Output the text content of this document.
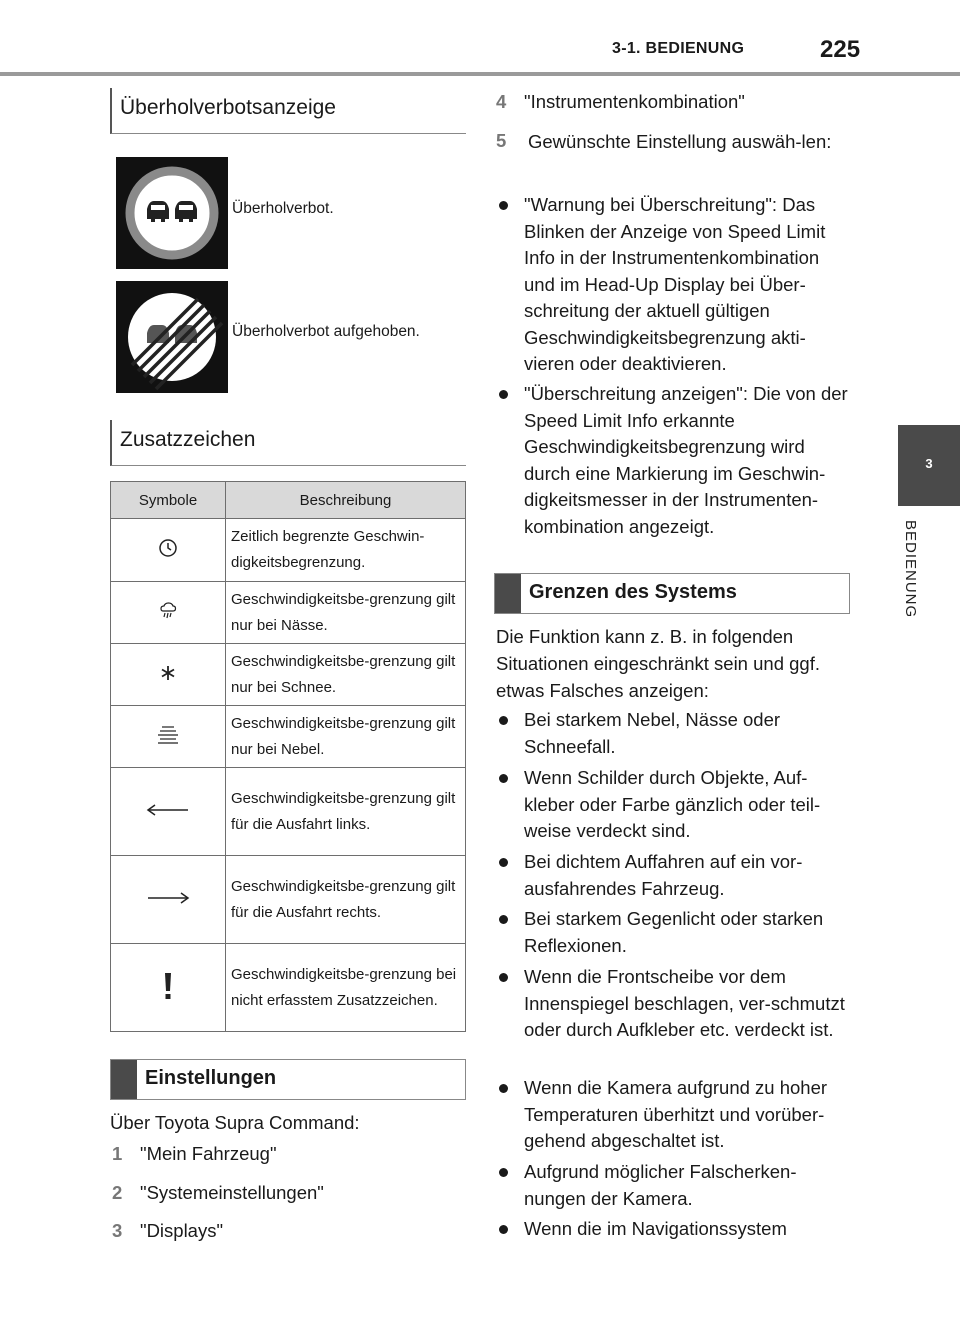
3-1. BEDIENUNG	225
3
BEDIENUNG
Überholverbotsanzeige
Überholverbot.
Überholverbot aufgehoben.
Zusatzzeichen
Symbole	Beschreibung
	Zeitlich begrenzte Geschwin-digkeitsbegrenzung.
	Geschwindigkeitsbe-grenzung gilt nur bei Nässe.
	Geschwindigkeitsbe-grenzung gilt nur bei Schnee.
	Geschwindigkeitsbe-grenzung gilt nur bei Nebel.
	Geschwindigkeitsbe-grenzung gilt für die Ausfahrt links.
	Geschwindigkeitsbe-grenzung gilt für die Ausfahrt rechts.
	Geschwindigkeitsbe-grenzung bei nicht erfasstem Zusatzzeichen.
Einstellungen
Über Toyota Supra Command:
1 "Mein Fahrzeug"
2 "Systemeinstellungen"
3 "Displays"
4 "Instrumentenkombination"
5	Gewünschte Einstellung auswäh-len:
"Warnung bei Überschreitung": Das Blinken der Anzeige von Speed Limit Info in der Instrumentenkombination und im Head-Up Display bei Über-schreitung der aktuell gültigen Geschwindigkeitsbegrenzung akti-vieren oder deaktivieren.
"Überschreitung anzeigen": Die von der Speed Limit Info erkannte Geschwindigkeitsbegrenzung wird durch eine Markierung im Geschwin-digkeitsmesser in der Instrumenten-kombination angezeigt.
Grenzen des Systems
Die Funktion kann z. B. in folgenden Situationen eingeschränkt sein und ggf. etwas Falsches anzeigen:
Bei starkem Nebel, Nässe oder Schneefall.
Wenn Schilder durch Objekte, Auf-kleber oder Farbe gänzlich oder teil-weise verdeckt sind.
Bei dichtem Auffahren auf ein vor-ausfahrendes Fahrzeug.
Bei starkem Gegenlicht oder starken Reflexionen.
Wenn die Frontscheibe vor dem Innenspiegel beschlagen, ver-schmutzt oder durch Aufkleber etc. verdeckt ist.
Wenn die Kamera aufgrund zu hoher Temperaturen überhitzt und vorüber-gehend abgeschaltet ist.
Aufgrund möglicher Falscherken-nungen der Kamera.
Wenn die im Navigationssystem
